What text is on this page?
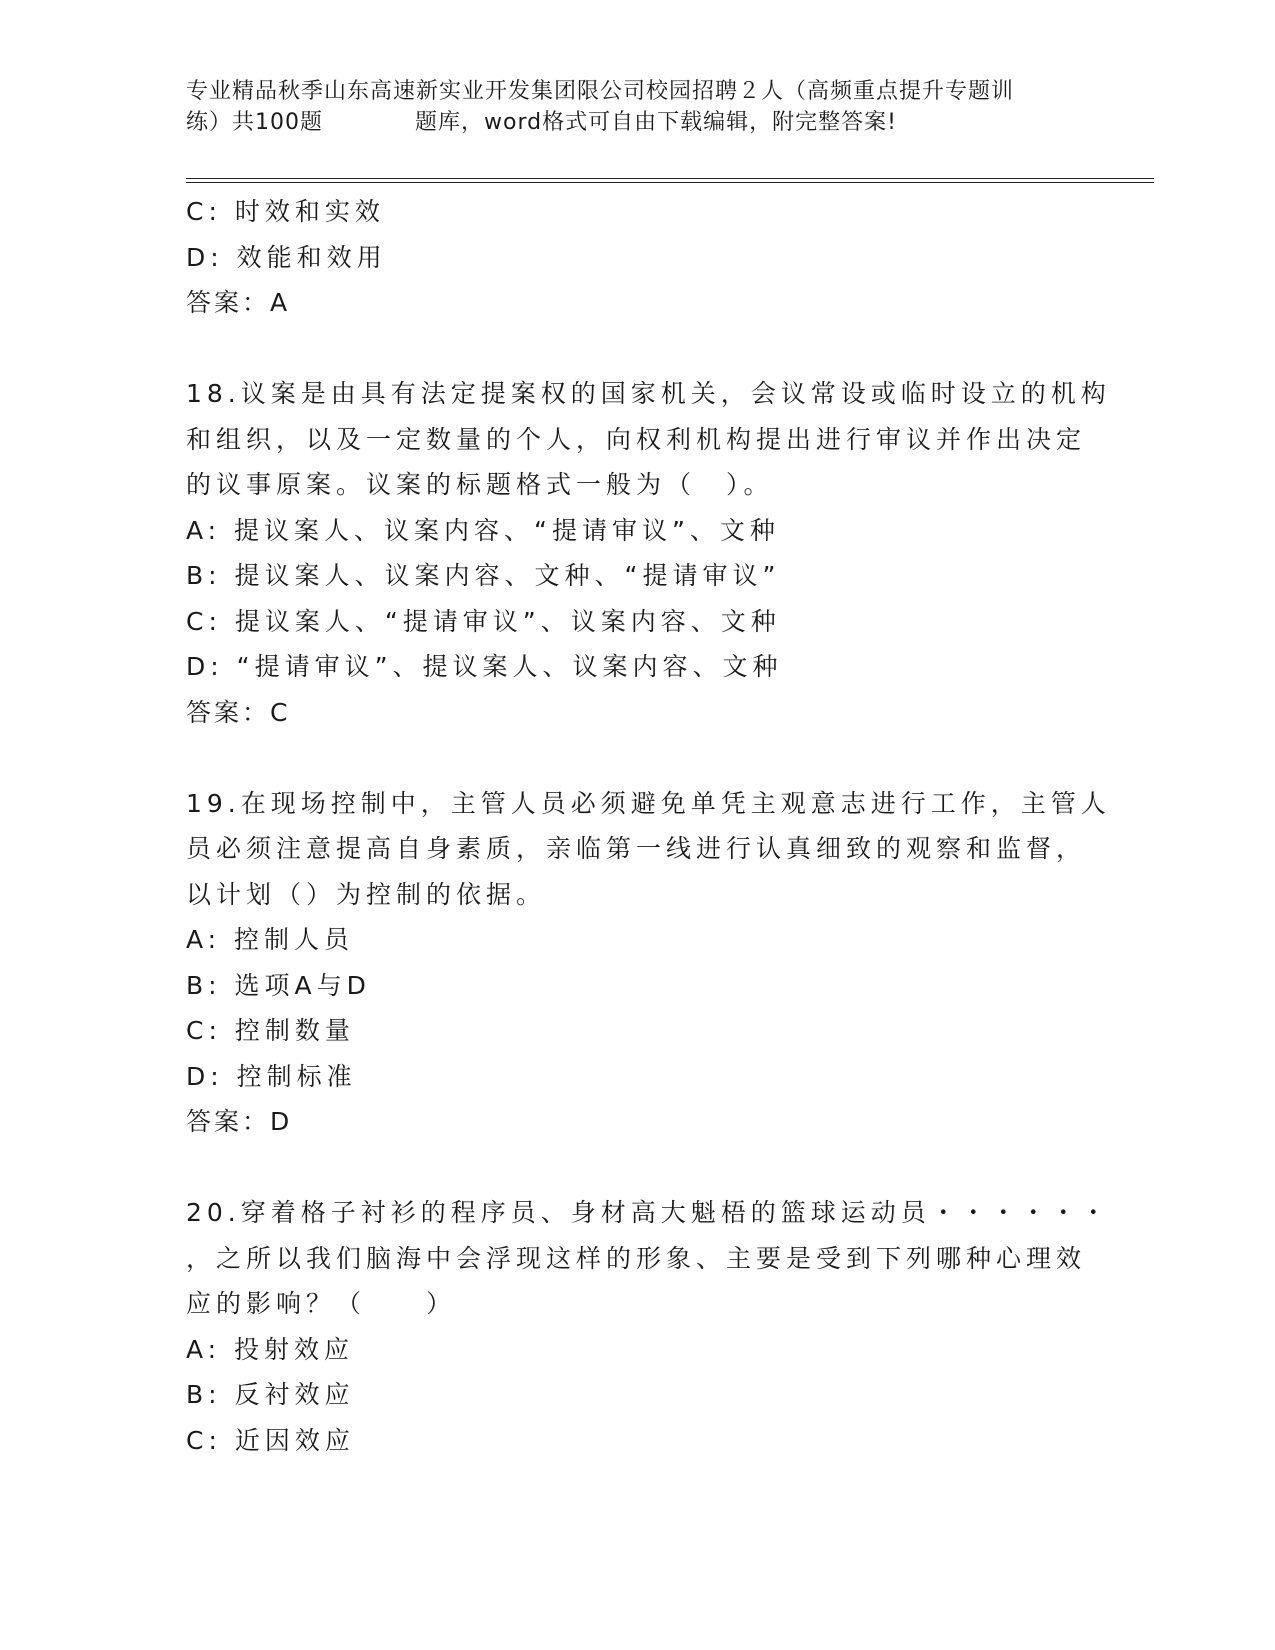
专业精品秋季山东高速新实业开发集团限公司校园招聘２人（高频重点提升专题训
练）共100题　　　　题库，word格式可自由下载编辑，附完整答案!
C: 时效和实效
D: 效能和效用
答案：A
18.议案是由具有法定提案权的国家机关，会议常设或临时设立的机构
和组织，以及一定数量的个人，向权利机构提出进行审议并作出决定
的议事原案。议案的标题格式一般为（　）。
A: 提议案人、议案内容、“提请审议”、文种
B: 提议案人、议案内容、文种、“提请审议”
C: 提议案人、“提请审议”、议案内容、文种
D: “提请审议”、提议案人、议案内容、文种
答案：C
19.在现场控制中，主管人员必须避免单凭主观意志进行工作，主管人
员必须注意提高自身素质，亲临第一线进行认真细致的观察和监督，
以计划（）为控制的依据。
A: 控制人员
B: 选项A与D
C: 控制数量
D: 控制标准
答案：D
20.穿着格子衬衫的程序员、身材高大魁梧的篮球运动员・・・・・・
，之所以我们脑海中会浮现这样的形象、主要是受到下列哪种心理效
应的影响？（　　）
A: 投射效应
B: 反衬效应
C: 近因效应
